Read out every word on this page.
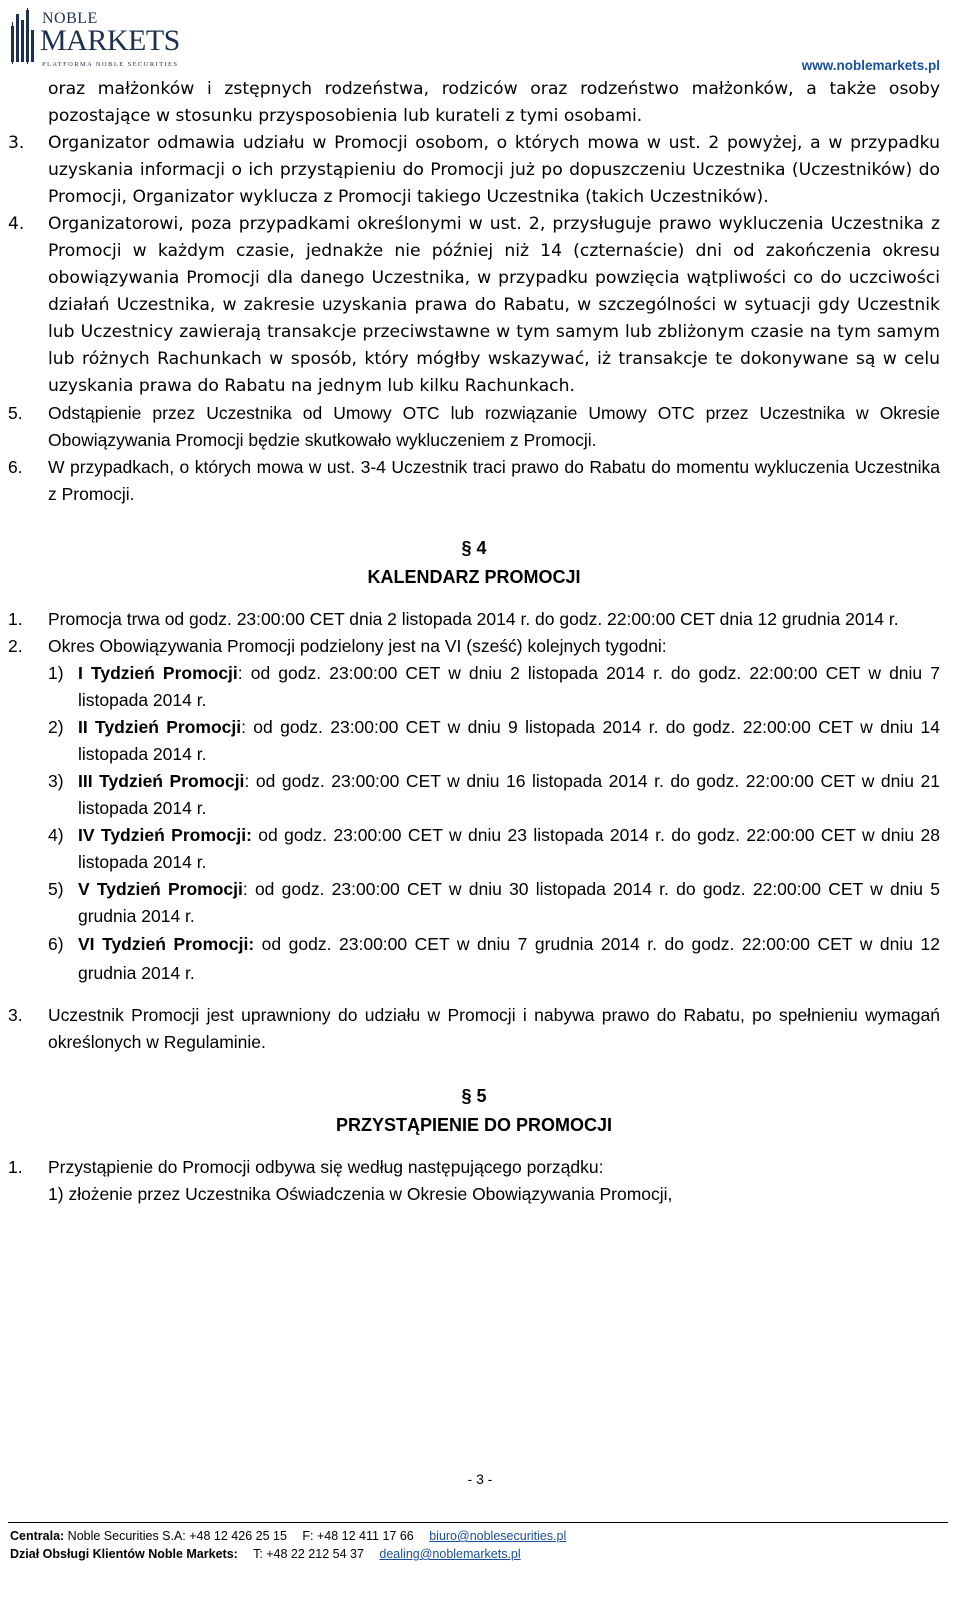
NOBLE
MARKETS
PLATFORMA NOBLE SECURITIES	www.noblemarkets.pl
oraz małżonków i zstępnych rodzeństwa, rodziców oraz rodzeństwo małżonków, a także osoby
pozostające w stosunku przysposobienia lub kurateli z tymi osobami.
3.	Organizator odmawia udziału w Promocji osobom, o których mowa w ust. 2 powyżej, a w przypadku uzyskania informacji o ich przystąpieniu do Promocji już po dopuszczeniu Uczestnika (Uczestników) do Promocji, Organizator wyklucza z Promocji takiego Uczestnika (takich Uczestników).
4.	Organizatorowi, poza przypadkami określonymi w ust. 2, przysługuje prawo wykluczenia Uczestnika z Promocji w każdym czasie, jednakże nie później niż 14 (czternaście) dni od zakończenia okresu obowiązywania Promocji dla danego Uczestnika, w przypadku powzięcia wątpliwości co do uczciwości działań Uczestnika, w zakresie uzyskania prawa do Rabatu, w szczególności w sytuacji gdy Uczestnik lub Uczestnicy zawierają transakcje przeciwstawne w tym samym lub zbliżonym czasie na tym samym lub różnych Rachunkach w sposób, który mógłby wskazywać, iż transakcje te dokonywane są w celu uzyskania prawa do Rabatu na jednym lub kilku Rachunkach.
5.	Odstąpienie przez Uczestnika od Umowy OTC lub rozwiązanie Umowy OTC przez Uczestnika w Okresie Obowiązywania Promocji będzie skutkowało wykluczeniem z Promocji.
6.	W przypadkach, o których mowa w ust. 3-4 Uczestnik traci prawo do Rabatu do momentu wykluczenia Uczestnika z Promocji.
§ 4
KALENDARZ PROMOCJI
1.	Promocja trwa od godz. 23:00:00 CET dnia 2 listopada 2014 r. do godz. 22:00:00 CET dnia 12 grudnia 2014 r.
2.	Okres Obowiązywania Promocji podzielony jest na VI (sześć) kolejnych tygodni:
1) I Tydzień Promocji: od godz. 23:00:00 CET w dniu 2 listopada 2014 r. do godz. 22:00:00 CET w dniu 7 listopada 2014 r.
2) II Tydzień Promocji: od godz. 23:00:00 CET w dniu 9 listopada 2014 r. do godz. 22:00:00 CET w dniu 14 listopada 2014 r.
3) III Tydzień Promocji: od godz. 23:00:00 CET w dniu 16 listopada 2014 r. do godz. 22:00:00 CET w dniu 21 listopada 2014 r.
4) IV Tydzień Promocji: od godz. 23:00:00 CET w dniu 23 listopada 2014 r. do godz. 22:00:00 CET w dniu 28 listopada 2014 r.
5) V Tydzień Promocji: od godz. 23:00:00 CET w dniu 30 listopada 2014 r. do godz. 22:00:00 CET w dniu 5 grudnia 2014 r.
6) VI Tydzień Promocji: od godz. 23:00:00 CET w dniu 7 grudnia 2014 r. do godz. 22:00:00 CET w dniu 12 grudnia 2014 r.
3.	Uczestnik Promocji jest uprawniony do udziału w Promocji i nabywa prawo do Rabatu, po spełnieniu wymagań określonych w Regulaminie.
§ 5
PRZYSTĄPIENIE DO PROMOCJI
1.	Przystąpienie do Promocji odbywa się według następującego porządku:
1) złożenie przez Uczestnika Oświadczenia w Okresie Obowiązywania Promocji,
- 3 -
Centrala: Noble Securities S.A: +48 12 426 25 15 F: +48 12 411 17 66 biuro@noblesecurities.pl
Dział Obsługi Klientów Noble Markets: T: +48 22 212 54 37 dealing@noblemarkets.pl
